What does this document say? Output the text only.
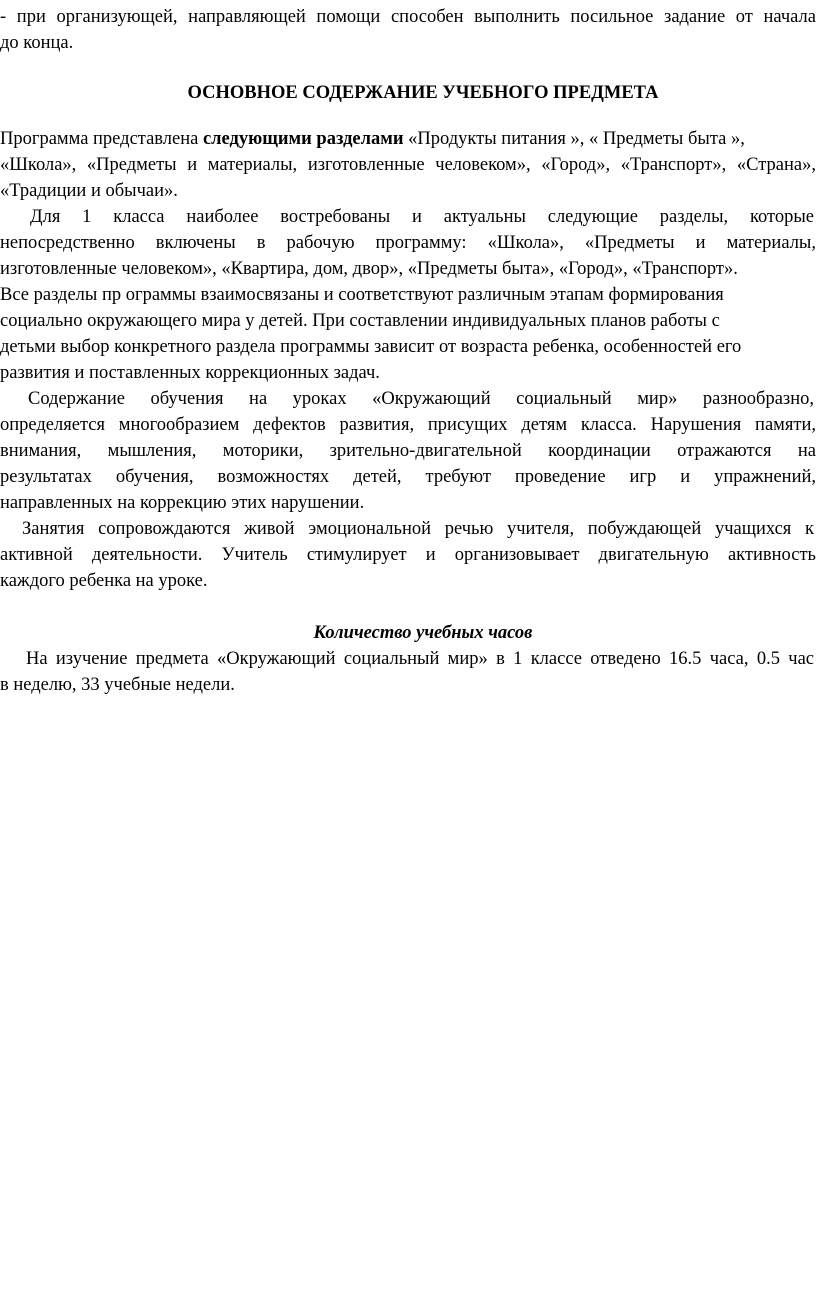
- при организующей, направляющей помощи способен выполнить посильное задание от начала
до конца.
ОСНОВНОЕ СОДЕРЖАНИЕ УЧЕБНОГО ПРЕДМЕТА
Программа представлена следующими разделами «Продукты питания », « Предметы быта »,
«Школа», «Предметы и материалы, изготовленные человеком», «Город», «Транспорт», «Страна»,
«Традиции и обычаи».
Для 1 класса наиболее востребованы и актуальны следующие разделы, которые
непосредственно включены в рабочую программу: «Школа», «Предметы и материалы,
изготовленные человеком», «Квартира, дом, двор», «Предметы быта», «Город», «Транспорт».
Все разделы пр ограммы взаимосвязаны и соответствуют различным этапам формирования
социально окружающего мира у детей. При составлении индивидуальных планов работы с
детьми выбор конкретного раздела программы зависит от возраста ребенка, особенностей его
развития и поставленных коррекционных задач.
Содержание обучения на уроках «Окружающий социальный мир» разнообразно,
определяется многообразием дефектов развития, присущих детям класса. Нарушения памяти,
внимания, мышления, моторики, зрительно-двигательной координации отражаются на
результатах обучения, возможностях детей, требуют проведение игр и упражнений,
направленных на коррекцию этих нарушении.
Занятия сопровождаются живой эмоциональной речью учителя, побуждающей учащихся к
активной деятельности. Учитель стимулирует и организовывает двигательную активность
каждого ребенка на уроке.
Количество учебных часов
На изучение предмета «Окружающий социальный мир» в 1 классе отведено 16.5 часа, 0.5 час
в неделю, 33 учебные недели.
